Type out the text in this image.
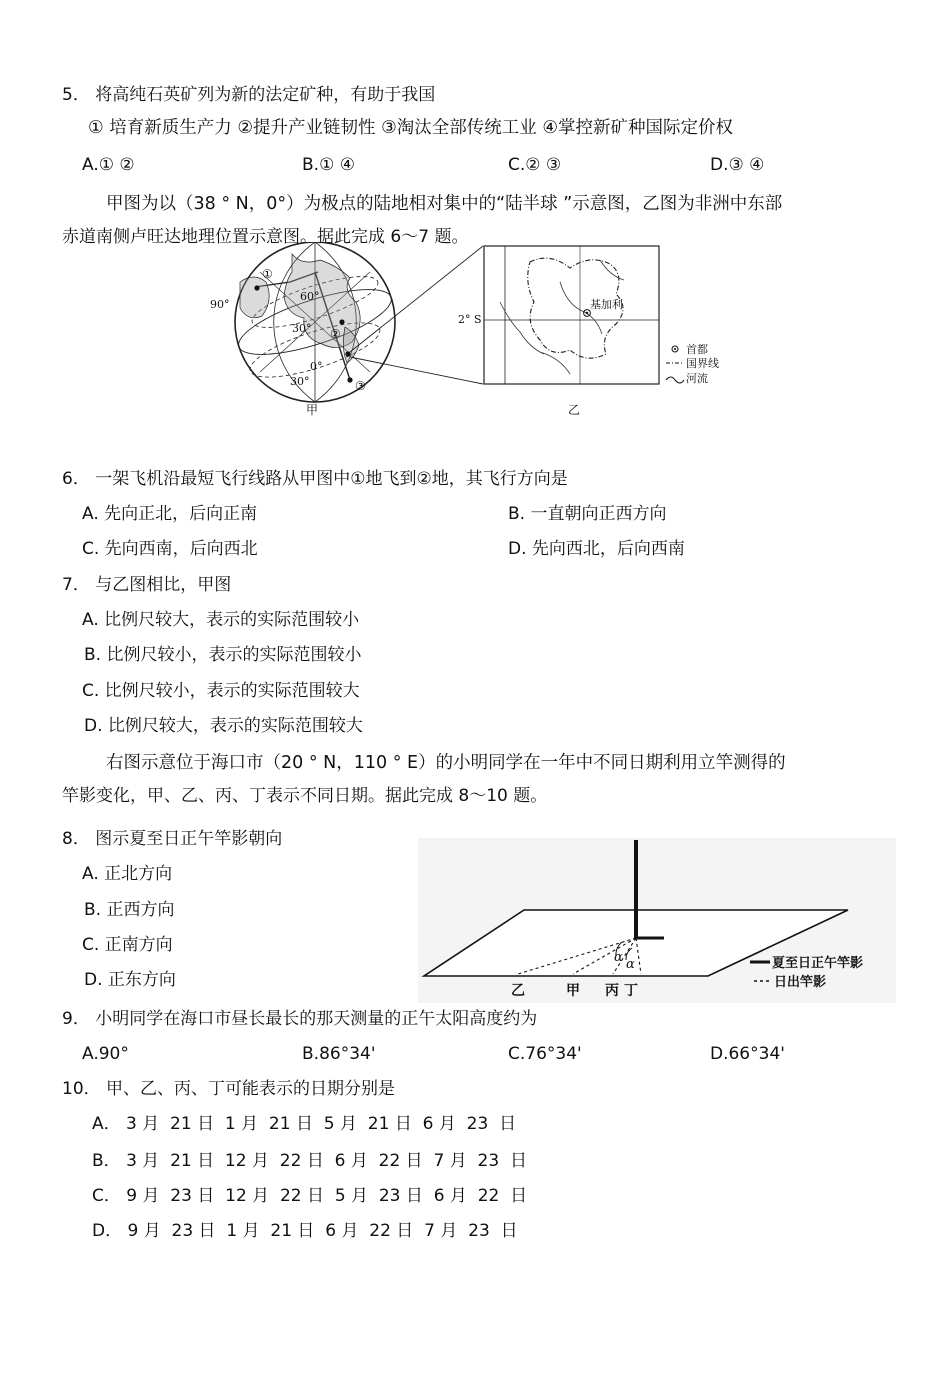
5． 将高纯石英矿列为新的法定矿种，有助于我国
① 培育新质生产力 ②提升产业链韧性 ③淘汰全部传统工业 ④掌控新矿种国际定价权
A.① ②	B.① ④	C.② ③	D.③ ④
甲图为以（38 ° N，0°）为极点的陆地相对集中的“陆半球 ”示意图，乙图为非洲中东部
赤道南侧卢旺达地理位置示意图。据此完成 6～7 题。
①
②
③
90°
60°
30°
0°
30°
甲
基加利
2° S
首都
国界线
河流
乙
6． 一架飞机沿最短飞行线路从甲图中①地飞到②地，其飞行方向是
A. 先向正北，后向正南	B. 一直朝向正西方向
C. 先向西南，后向西北	D. 先向西北，后向西南
7． 与乙图相比，甲图
A. 比例尺较大，表示的实际范围较小
B. 比例尺较小，表示的实际范围较小
C. 比例尺较小，表示的实际范围较大
D. 比例尺较大，表示的实际范围较大
右图示意位于海口市（20 ° N，110 ° E）的小明同学在一年中不同日期利用立竿测得的
竿影变化，甲、乙、丙、丁表示不同日期。据此完成 8～10 题。
8． 图示夏至日正午竿影朝向
A. 正北方向
B. 正西方向
C. 正南方向
D. 正东方向
α α
乙	甲 丙 丁
夏至日正午竿影
日出竿影
9． 小明同学在海口市昼长最长的那天测量的正午太阳高度约为
A.90°	B.86°34'	C.76°34'	D.66°34'
10． 甲、乙、丙、丁可能表示的日期分别是
A． 3 月  21 日  1 月  21 日  5 月  21 日  6 月  23  日
B． 3 月  21 日  12 月  22 日  6 月  22 日  7 月  23  日
C． 9 月  23 日  12 月  22 日  5 月  23 日  6 月  22  日
D． 9 月  23 日  1 月  21 日  6 月  22 日  7 月  23  日
